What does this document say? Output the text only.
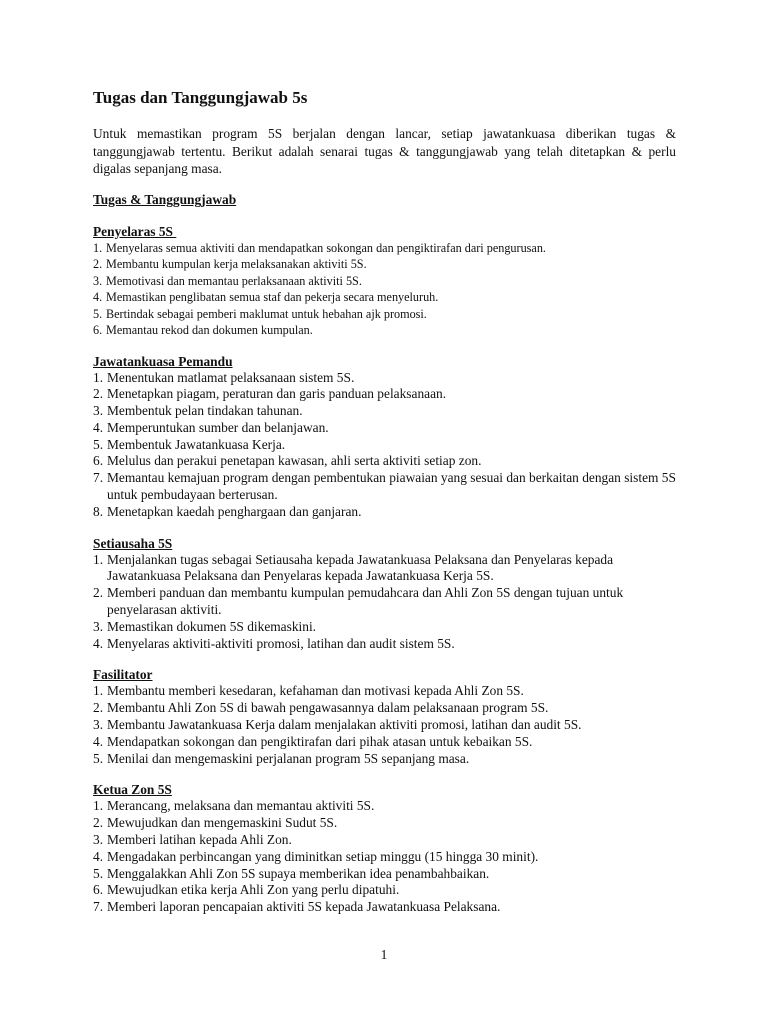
Tugas dan Tanggungjawab 5s

Untuk memastikan program 5S berjalan dengan lancar, setiap jawatankuasa diberikan tugas & tanggungjawab tertentu. Berikut adalah senarai tugas & tanggungjawab yang telah ditetapkan & perlu digalas sepanjang masa.

Tugas & Tanggungjawab
Penyelaras 5S
1. Menyelaras semua aktiviti dan mendapatkan sokongan dan pengiktirafan dari pengurusan.
2. Membantu kumpulan kerja melaksanakan aktiviti 5S.
3. Memotivasi dan memantau perlaksanaan aktiviti 5S.
4. Memastikan penglibatan semua staf dan pekerja secara menyeluruh.
5. Bertindak sebagai pemberi maklumat untuk hebahan ajk promosi.
6. Memantau rekod dan dokumen kumpulan.
Jawatankuasa Pemandu
1. Menentukan matlamat pelaksanaan sistem 5S.
2. Menetapkan piagam, peraturan dan garis panduan pelaksanaan.
3. Membentuk pelan tindakan tahunan.
4. Memperuntukan sumber dan belanjawan.
5. Membentuk Jawatankuasa Kerja.
6. Melulus dan perakui penetapan kawasan, ahli serta aktiviti setiap zon.
7. Memantau kemajuan program dengan pembentukan piawaian yang sesuai dan berkaitan dengan sistem 5S untuk pembudayaan berterusan.
8. Menetapkan kaedah penghargaan dan ganjaran.
Setiausaha 5S
1. Menjalankan tugas sebagai Setiausaha kepada Jawatankuasa Pelaksana dan Penyelaras kepada Jawatankuasa Pelaksana dan Penyelaras kepada Jawatankuasa Kerja 5S.
2. Memberi panduan dan membantu kumpulan pemudahcara dan Ahli Zon 5S dengan tujuan untuk penyelarasan aktiviti.
3. Memastikan dokumen 5S dikemaskini.
4. Menyelaras aktiviti-aktiviti promosi, latihan dan audit sistem 5S.
Fasilitator
1. Membantu memberi kesedaran, kefahaman dan motivasi kepada Ahli Zon 5S.
2. Membantu Ahli Zon 5S di bawah pengawasannya dalam pelaksanaan program 5S.
3. Membantu Jawatankuasa Kerja dalam menjalakan aktiviti promosi, latihan dan audit 5S.
4. Mendapatkan sokongan dan pengiktirafan dari pihak atasan untuk kebaikan 5S.
5. Menilai dan mengemaskini perjalanan program 5S sepanjang masa.
Ketua Zon 5S
1. Merancang, melaksana dan memantau aktiviti 5S.
2. Mewujudkan dan mengemaskini Sudut 5S.
3. Memberi latihan kepada Ahli Zon.
4. Mengadakan perbincangan yang diminitkan setiap minggu (15 hingga 30 minit).
5. Menggalakkan Ahli Zon 5S supaya memberikan idea penambahbaikan.
6. Mewujudkan etika kerja Ahli Zon yang perlu dipatuhi.
7. Memberi laporan pencapaian aktiviti 5S kepada Jawatankuasa Pelaksana.
1
